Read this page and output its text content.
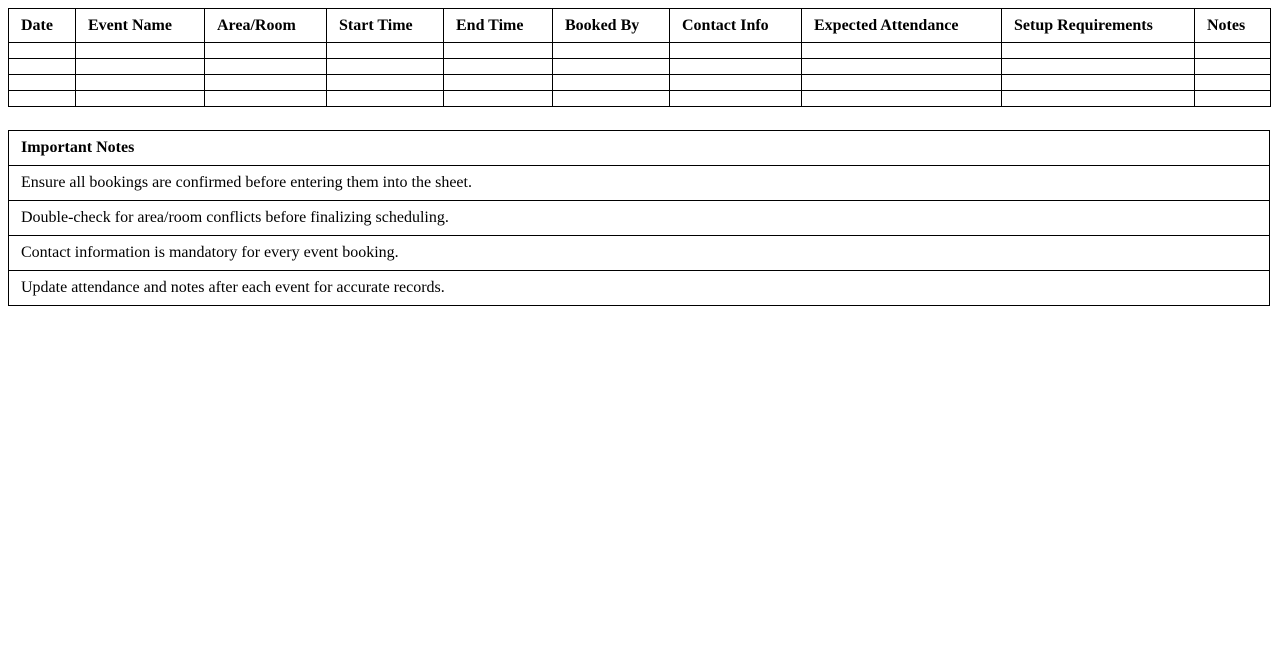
Date	Event Name	Area/Room	Start Time	End Time	Booked By	Contact Info	Expected Attendance	Setup Requirements	Notes

Important Notes
Ensure all bookings are confirmed before entering them into the sheet.
Double-check for area/room conflicts before finalizing scheduling.
Contact information is mandatory for every event booking.
Update attendance and notes after each event for accurate records.
